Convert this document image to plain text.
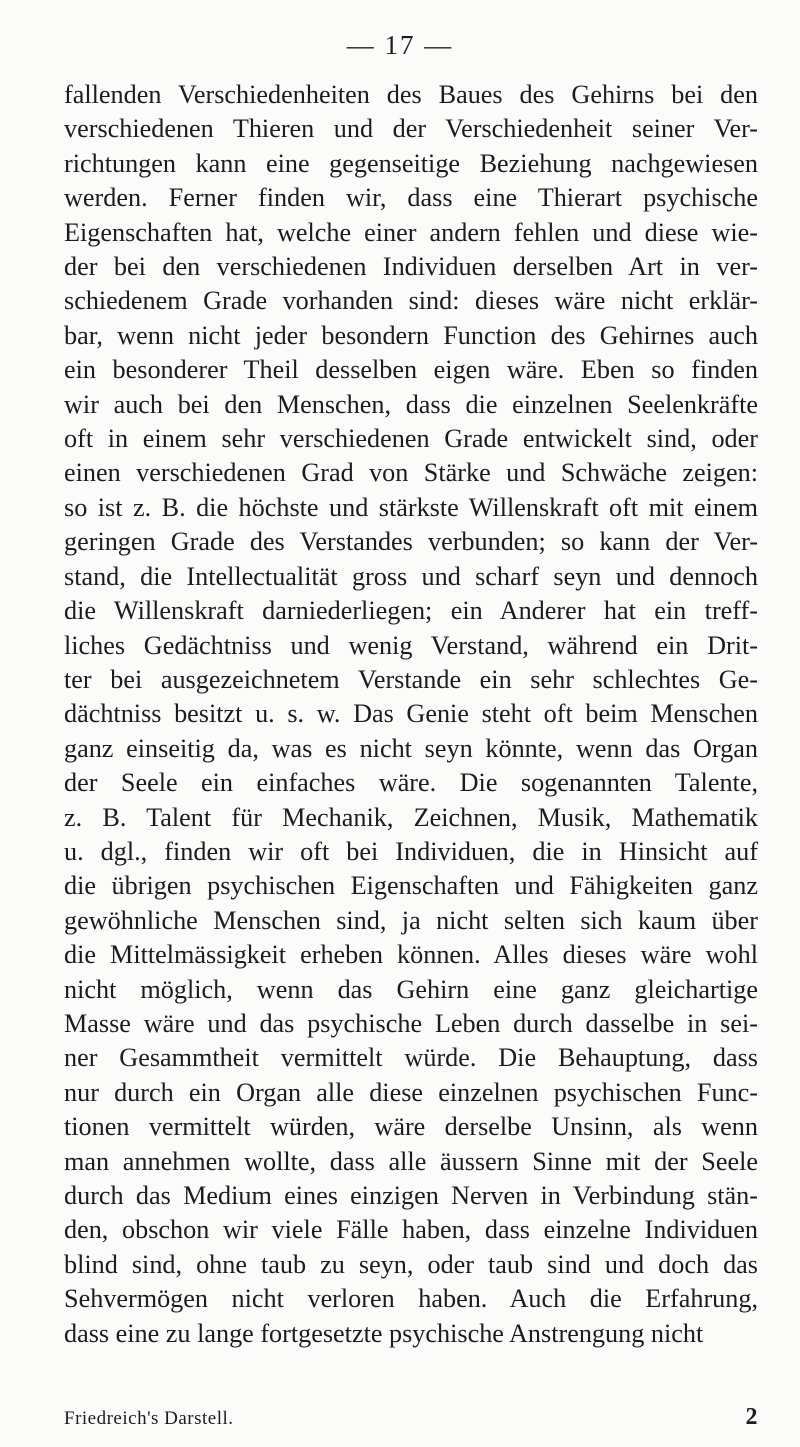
— 17 —
fallenden Verschiedenheiten des Baues des Gehirns bei den
verschiedenen Thieren und der Verschiedenheit seiner Ver-
richtungen kann eine gegenseitige Beziehung nachgewiesen
werden. Ferner finden wir, dass eine Thierart psychische
Eigenschaften hat, welche einer andern fehlen und diese wie-
der bei den verschiedenen Individuen derselben Art in ver-
schiedenem Grade vorhanden sind: dieses wäre nicht erklär-
bar, wenn nicht jeder besondern Function des Gehirnes auch
ein besonderer Theil desselben eigen wäre. Eben so finden
wir auch bei den Menschen, dass die einzelnen Seelenkräfte
oft in einem sehr verschiedenen Grade entwickelt sind, oder
einen verschiedenen Grad von Stärke und Schwäche zeigen:
so ist z. B. die höchste und stärkste Willenskraft oft mit einem
geringen Grade des Verstandes verbunden; so kann der Ver-
stand, die Intellectualität gross und scharf seyn und dennoch
die Willenskraft darniederliegen; ein Anderer hat ein treff-
liches Gedächtniss und wenig Verstand, während ein Drit-
ter bei ausgezeichnetem Verstande ein sehr schlechtes Ge-
dächtniss besitzt u. s. w. Das Genie steht oft beim Menschen
ganz einseitig da, was es nicht seyn könnte, wenn das Organ
der Seele ein einfaches wäre. Die sogenannten Talente,
z. B. Talent für Mechanik, Zeichnen, Musik, Mathematik
u. dgl., finden wir oft bei Individuen, die in Hinsicht auf
die übrigen psychischen Eigenschaften und Fähigkeiten ganz
gewöhnliche Menschen sind, ja nicht selten sich kaum über
die Mittelmässigkeit erheben können. Alles dieses wäre wohl
nicht möglich, wenn das Gehirn eine ganz gleichartige
Masse wäre und das psychische Leben durch dasselbe in sei-
ner Gesammtheit vermittelt würde. Die Behauptung, dass
nur durch ein Organ alle diese einzelnen psychischen Func-
tionen vermittelt würden, wäre derselbe Unsinn, als wenn
man annehmen wollte, dass alle äussern Sinne mit der Seele
durch das Medium eines einzigen Nerven in Verbindung stän-
den, obschon wir viele Fälle haben, dass einzelne Individuen
blind sind, ohne taub zu seyn, oder taub sind und doch das
Sehvermögen nicht verloren haben. Auch die Erfahrung,
dass eine zu lange fortgesetzte psychische Anstrengung nicht
Friedreich's Darstell.	2
